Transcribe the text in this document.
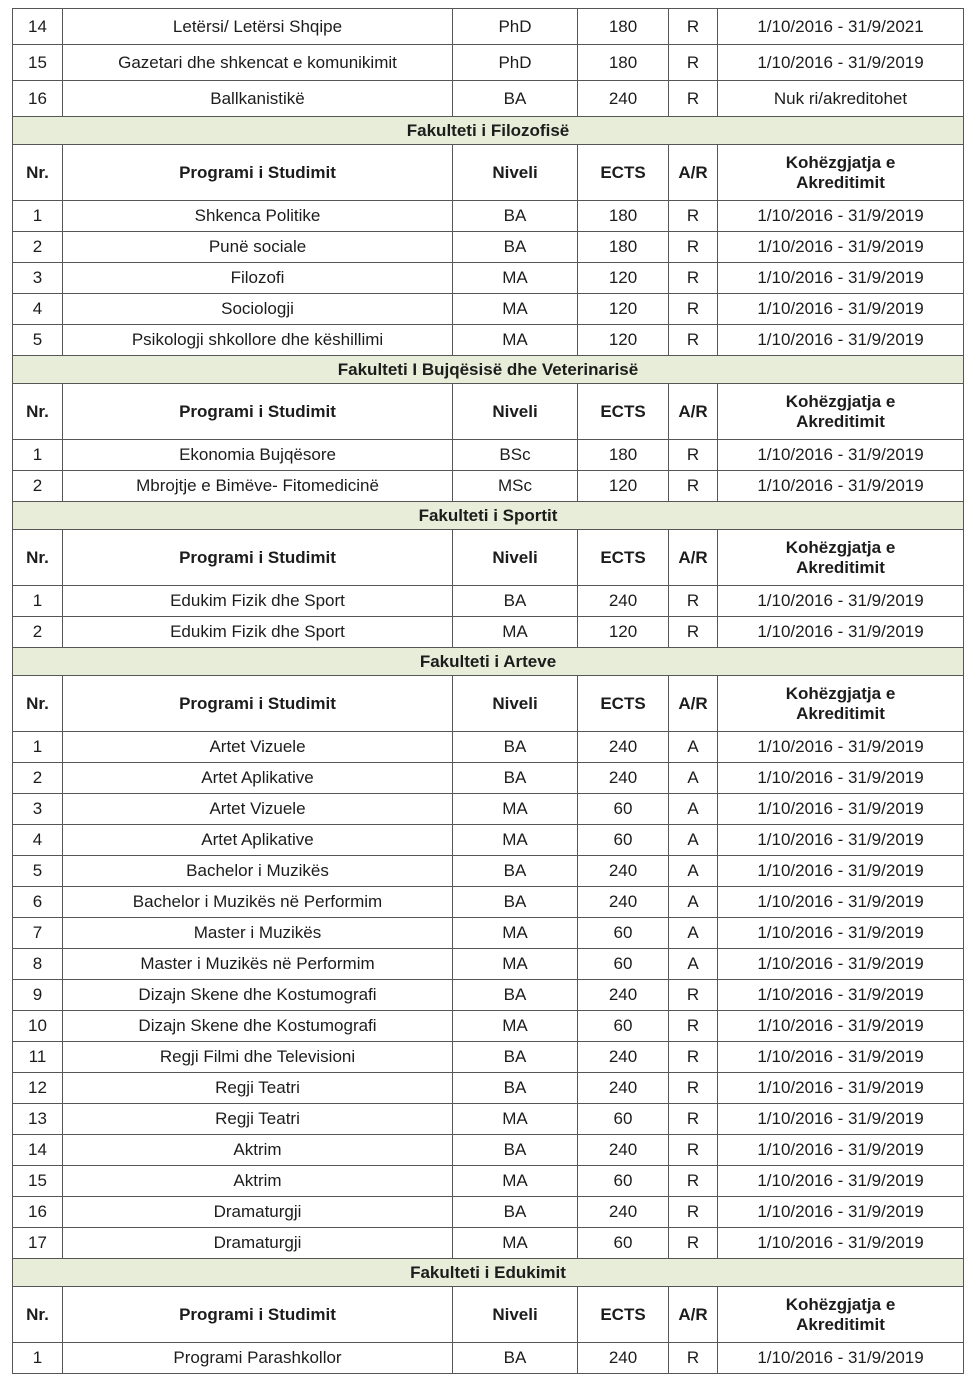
14	Letërsi/ Letërsi Shqipe	PhD	180	R	1/10/2016 - 31/9/2021
15	Gazetari dhe shkencat e komunikimit	PhD	180	R	1/10/2016 - 31/9/2019
16	Ballkanistikë	BA	240	R	Nuk ri/akreditohet
Fakulteti i Filozofisë					
Nr.	Programi i Studimit	Niveli	ECTS	A/R	Kohëzgjatja e Akreditimit

1	Shkenca Politike	BA	180	R	1/10/2016 - 31/9/2019
2	Punë sociale	BA	180	R	1/10/2016 - 31/9/2019
3	Filozofi	MA	120	R	1/10/2016 - 31/9/2019
4	Sociologji	MA	120	R	1/10/2016 - 31/9/2019
5	Psikologji shkollore dhe këshillimi	MA	120	R	1/10/2016 - 31/9/2019
Fakulteti I Bujqësisë dhe Veterinarisë					
Nr.	Programi i Studimit	Niveli	ECTS	A/R	Kohëzgjatja e Akreditimit

1	Ekonomia Bujqësore	BSc	180	R	1/10/2016 - 31/9/2019
2	Mbrojtje e Bimëve- Fitomedicinë	MSc	120	R	1/10/2016 - 31/9/2019
Fakulteti i Sportit					
Nr.	Programi i Studimit	Niveli	ECTS	A/R	Kohëzgjatja e Akreditimit

1	Edukim Fizik dhe Sport	BA	240	R	1/10/2016 - 31/9/2019
2	Edukim Fizik dhe Sport	MA	120	R	1/10/2016 - 31/9/2019
Fakulteti i Arteve					
Nr.	Programi i Studimit	Niveli	ECTS	A/R	Kohëzgjatja e Akreditimit

1	Artet Vizuele	BA	240	A	1/10/2016 - 31/9/2019
2	Artet Aplikative	BA	240	A	1/10/2016 - 31/9/2019
3	Artet Vizuele	MA	60	A	1/10/2016 - 31/9/2019
4	Artet Aplikative	MA	60	A	1/10/2016 - 31/9/2019
5	Bachelor i Muzikës	BA	240	A	1/10/2016 - 31/9/2019
6	Bachelor i Muzikës në Performim	BA	240	A	1/10/2016 - 31/9/2019
7	Master i Muzikës	MA	60	A	1/10/2016 - 31/9/2019
8	Master i Muzikës në Performim	MA	60	A	1/10/2016 - 31/9/2019
9	Dizajn Skene dhe Kostumografi	BA	240	R	1/10/2016 - 31/9/2019
10	Dizajn Skene dhe Kostumografi	MA	60	R	1/10/2016 - 31/9/2019
11	Regji Filmi dhe Televisioni	BA	240	R	1/10/2016 - 31/9/2019
12	Regji Teatri	BA	240	R	1/10/2016 - 31/9/2019
13	Regji Teatri	MA	60	R	1/10/2016 - 31/9/2019
14	Aktrim	BA	240	R	1/10/2016 - 31/9/2019
15	Aktrim	MA	60	R	1/10/2016 - 31/9/2019
16	Dramaturgji	BA	240	R	1/10/2016 - 31/9/2019
17	Dramaturgji	MA	60	R	1/10/2016 - 31/9/2019
Fakulteti i Edukimit					
Nr.	Programi i Studimit	Niveli	ECTS	A/R	Kohëzgjatja e Akreditimit

1	Programi Parashkollor	BA	240	R	1/10/2016 - 31/9/2019
